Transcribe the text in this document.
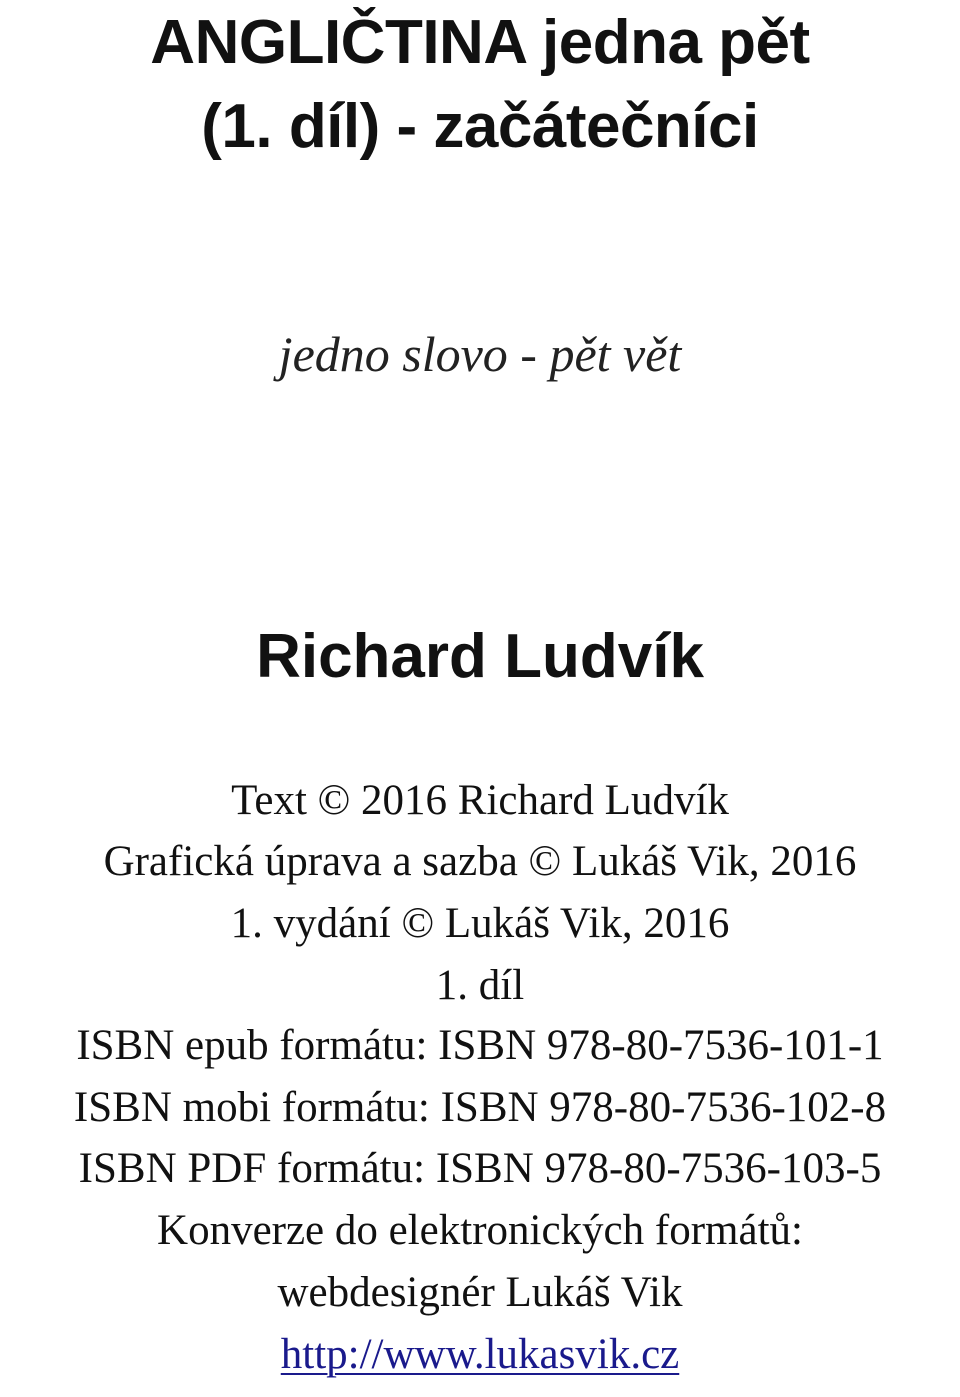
ANGLIČTINA jedna pět
(1. díl) - začátečníci

jedno slovo - pět vět

Richard Ludvík

Text © 2016 Richard Ludvík

Grafická úprava a sazba © Lukáš Vik, 2016

1. vydání © Lukáš Vik, 2016

1. díl

ISBN epub formátu: ISBN 978-80-7536-101-1

ISBN mobi formátu: ISBN 978-80-7536-102-8

ISBN PDF formátu: ISBN 978-80-7536-103-5

Konverze do elektronických formátů:

webdesignér Lukáš Vik

http://www.lukasvik.cz
